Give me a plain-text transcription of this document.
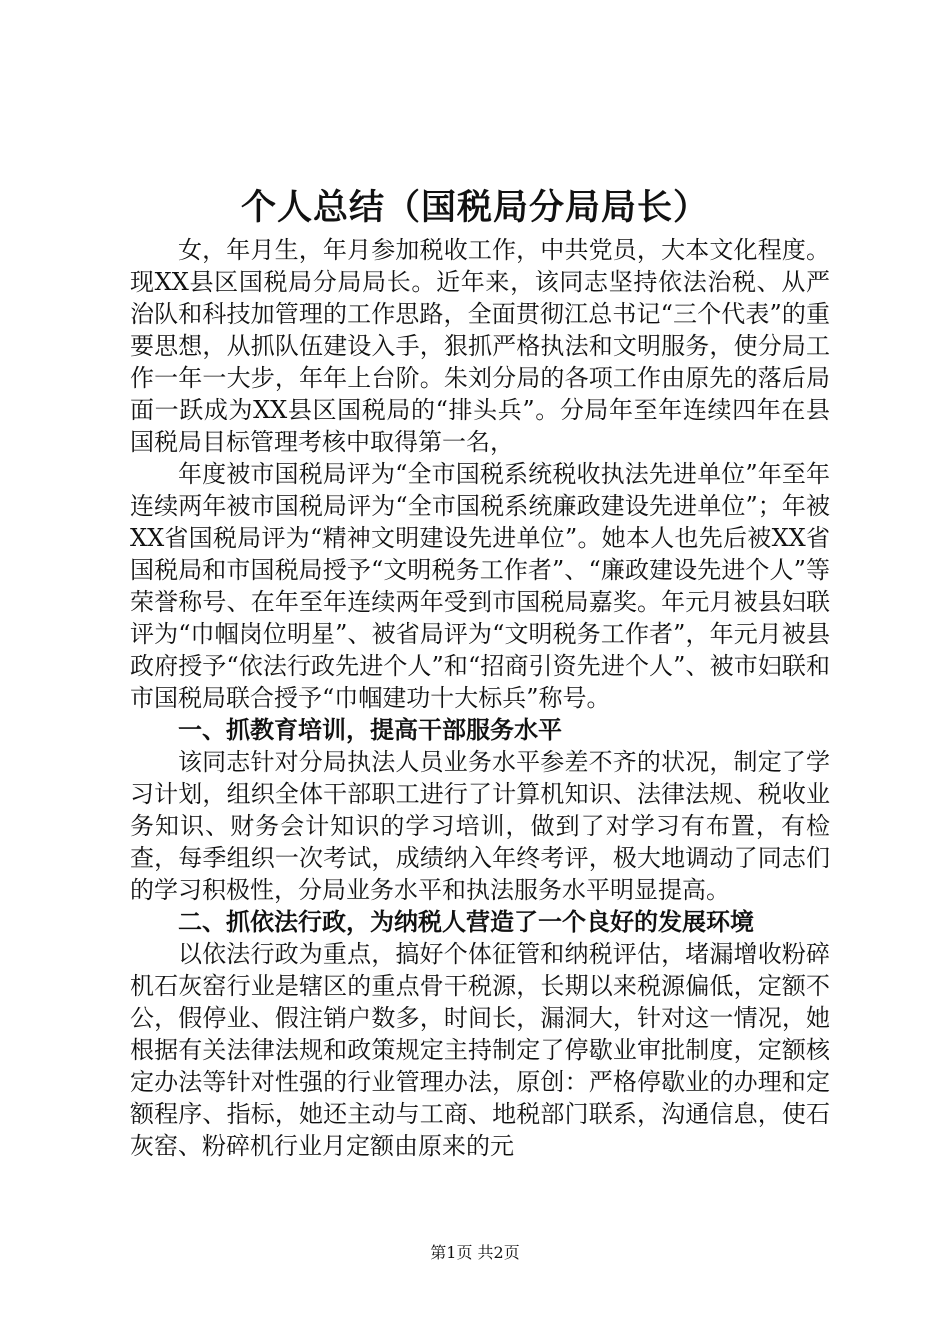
个人总结（国税局分局局长）

女，年月生，年月参加税收工作，中共党员，大本文化程度。现XX县区国税局分局局长。近年来，该同志坚持依法治税、从严治队和科技加管理的工作思路，全面贯彻江总书记“三个代表”的重要思想，从抓队伍建设入手，狠抓严格执法和文明服务，使分局工作一年一大步，年年上台阶。朱刘分局的各项工作由原先的落后局面一跃成为XX县区国税局的“排头兵”。分局年至年连续四年在县国税局目标管理考核中取得第一名，

年度被市国税局评为“全市国税系统税收执法先进单位”年至年连续两年被市国税局评为“全市国税系统廉政建设先进单位”；年被XX省国税局评为“精神文明建设先进单位”。她本人也先后被XX省国税局和市国税局授予“文明税务工作者”、“廉政建设先进个人”等荣誉称号、在年至年连续两年受到市国税局嘉奖。年元月被县妇联评为“巾帼岗位明星”、被省局评为“文明税务工作者”，年元月被县政府授予“依法行政先进个人”和“招商引资先进个人”、被市妇联和市国税局联合授予“巾帼建功十大标兵”称号。

一、抓教育培训，提高干部服务水平

该同志针对分局执法人员业务水平参差不齐的状况，制定了学习计划，组织全体干部职工进行了计算机知识、法律法规、税收业务知识、财务会计知识的学习培训，做到了对学习有布置，有检查，每季组织一次考试，成绩纳入年终考评，极大地调动了同志们的学习积极性，分局业务水平和执法服务水平明显提高。

二、抓依法行政，为纳税人营造了一个良好的发展环境

以依法行政为重点，搞好个体征管和纳税评估，堵漏增收粉碎机石灰窑行业是辖区的重点骨干税源，长期以来税源偏低，定额不公，假停业、假注销户数多，时间长，漏洞大，针对这一情况，她根据有关法律法规和政策规定主持制定了停歇业审批制度，定额核定办法等针对性强的行业管理办法，原创：严格停歇业的办理和定额程序、指标，她还主动与工商、地税部门联系，沟通信息，使石灰窑、粉碎机行业月定额由原来的元

第1页 共2页
